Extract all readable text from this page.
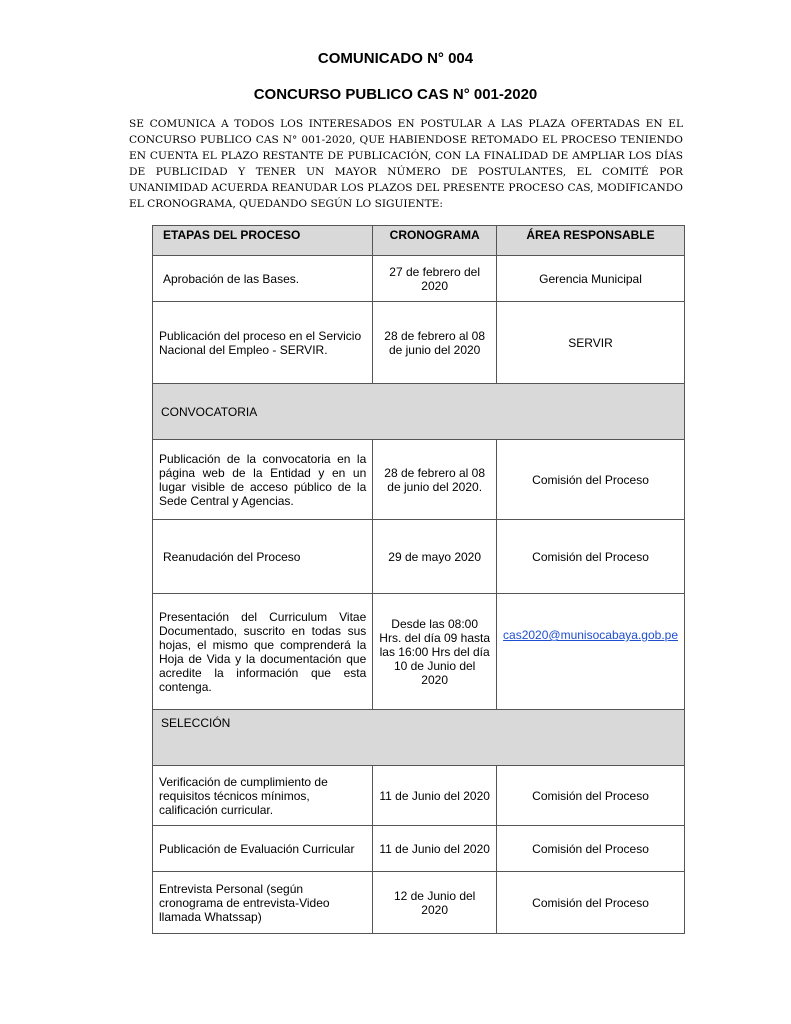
COMUNICADO N° 004
CONCURSO PUBLICO CAS N° 001-2020
SE COMUNICA A TODOS LOS INTERESADOS EN POSTULAR A LAS PLAZA OFERTADAS EN EL CONCURSO PUBLICO CAS N° 001-2020, QUE HABIENDOSE RETOMADO EL PROCESO TENIENDO EN CUENTA EL PLAZO RESTANTE DE PUBLICACIÓN, CON LA FINALIDAD DE AMPLIAR LOS DÍAS DE PUBLICIDAD Y TENER UN MAYOR NÚMERO DE POSTULANTES, EL COMITÉ POR UNANIMIDAD ACUERDA REANUDAR LOS PLAZOS DEL PRESENTE PROCESO CAS, MODIFICANDO EL CRONOGRAMA, QUEDANDO SEGÚN LO SIGUIENTE:
ETAPAS DEL PROCESO	CRONOGRAMA	ÁREA RESPONSABLE
Aprobación de las Bases.	27 de febrero del 2020	Gerencia Municipal
Publicación del proceso en el Servicio Nacional del Empleo - SERVIR.	28 de febrero al 08 de junio del 2020	SERVIR
CONVOCATORIA		
Publicación de la convocatoria en la página web de la Entidad y en un lugar visible de acceso público de la Sede Central y Agencias.	28 de febrero al 08 de junio del 2020.	Comisión del Proceso
Reanudación del Proceso	29 de mayo 2020	Comisión del Proceso
Presentación del Curriculum Vitae Documentado, suscrito en todas sus hojas, el mismo que comprenderá la Hoja de Vida y la documentación que acredite la información que esta contenga.	Desde las 08:00 Hrs. del día 09 hasta las 16:00 Hrs del día 10 de Junio del 2020	cas2020@munisocabaya.gob.pe
SELECCIÓN		
Verificación de cumplimiento de requisitos técnicos mínimos, calificación curricular.	11 de Junio del 2020	Comisión del Proceso
Publicación de Evaluación Curricular	11 de Junio del 2020	Comisión del Proceso
Entrevista Personal (según cronograma de entrevista-Video llamada Whatssap)	12 de Junio del 2020	Comisión del Proceso
